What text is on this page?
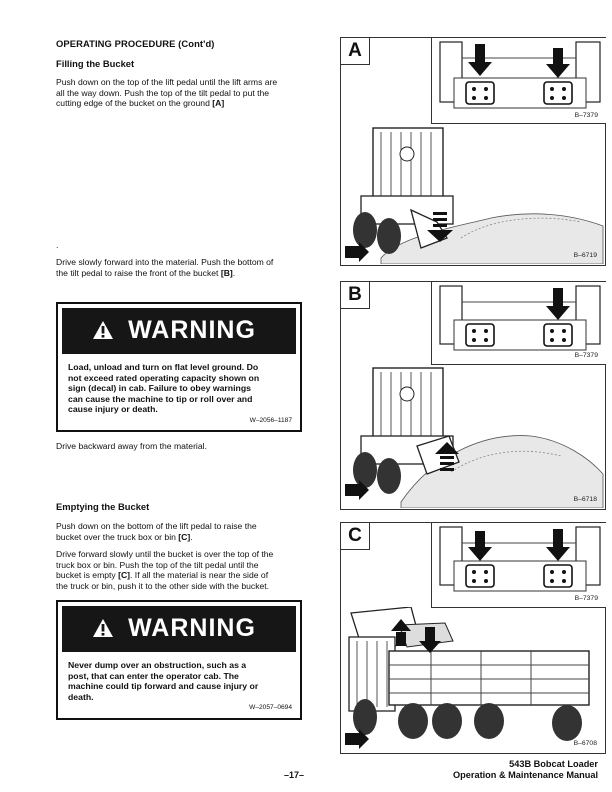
OPERATING PROCEDURE (Cont'd)
Filling the Bucket
Push down on the top of the lift pedal until the lift arms are
all the way down. Push the top of the tilt pedal to put the
cutting edge of the bucket on the ground [A]
.
Drive slowly forward into the material. Push the bottom of
the tilt pedal to raise the front of the bucket [B].
WARNING
Load, unload and turn on flat level ground. Do
not exceed rated operating capacity shown on
sign (decal) in cab. Failure to obey warnings
can cause the machine to tip or roll over and
cause injury or death.
W–2056–1187
Drive backward away from the material.
Emptying the Bucket
Push down on the bottom of the lift pedal to raise the
bucket over the truck box or bin [C].
Drive forward slowly until the bucket is over the top of the
truck box or bin. Push the top of the tilt pedal until the
bucket is empty [C]. If all the material is near the side of
the truck or bin, push it to the other side with the bucket.
WARNING
Never dump over an obstruction, such as a
post, that can enter the operator cab. The
machine could tip forward and cause injury or
death.
W–2057–0694
A
B–7379
B–6719
B
B–7379
B–6718
C
B–7379
B–6708
–17–
543B Bobcat Loader
Operation & Maintenance Manual
